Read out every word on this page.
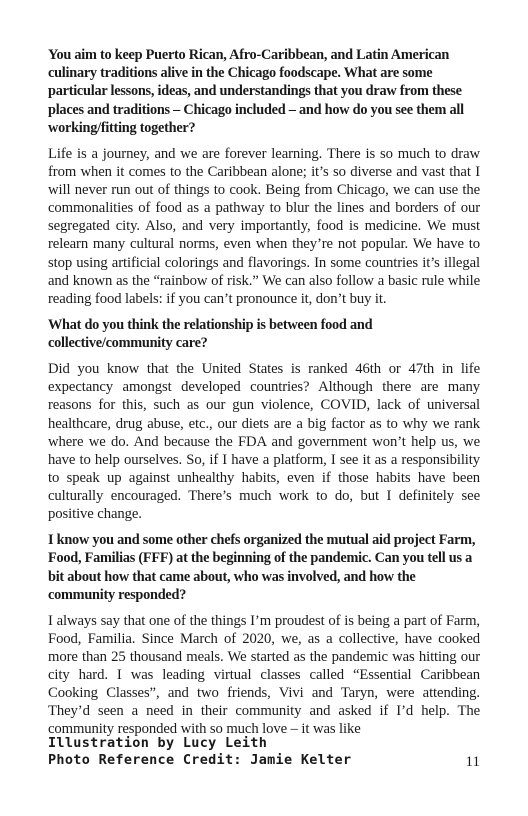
You aim to keep Puerto Rican, Afro-Caribbean, and Latin American culinary traditions alive in the Chicago foodscape. What are some particular lessons, ideas, and understandings that you draw from these places and traditions – Chicago included – and how do you see them all working/fitting together?

Life is a journey, and we are forever learning. There is so much to draw from when it comes to the Caribbean alone; it’s so diverse and vast that I will never run out of things to cook. Being from Chicago, we can use the commonalities of food as a pathway to blur the lines and borders of our segregated city. Also, and very importantly, food is medicine. We must relearn many cultural norms, even when they’re not popular. We have to stop using artificial colorings and flavorings. In some countries it’s illegal and known as the “rainbow of risk.” We can also follow a basic rule while reading food labels: if you can’t pronounce it, don’t buy it.

What do you think the relationship is between food and collective/community care?

Did you know that the United States is ranked 46th or 47th in life expectancy amongst developed countries? Although there are many reasons for this, such as our gun violence, COVID, lack of universal healthcare, drug abuse, etc., our diets are a big factor as to why we rank where we do. And because the FDA and government won’t help us, we have to help ourselves. So, if I have a platform, I see it as a responsibility to speak up against unhealthy habits, even if those habits have been culturally encouraged. There’s much work to do, but I definitely see positive change.

I know you and some other chefs organized the mutual aid project Farm, Food, Familias (FFF) at the beginning of the pandemic. Can you tell us a bit about how that came about, who was involved, and how the community responded?

I always say that one of the things I’m proudest of is being a part of Farm, Food, Familia. Since March of 2020, we, as a collective, have cooked more than 25 thousand meals. We started as the pandemic was hitting our city hard. I was leading virtual classes called “Essential Caribbean Cooking Classes”, and two friends, Vivi and Taryn, were attending. They’d seen a need in their community and asked if I’d help. The community responded with so much love – it was like

Illustration by Lucy Leith
Photo Reference Credit: Jamie Kelter	11
